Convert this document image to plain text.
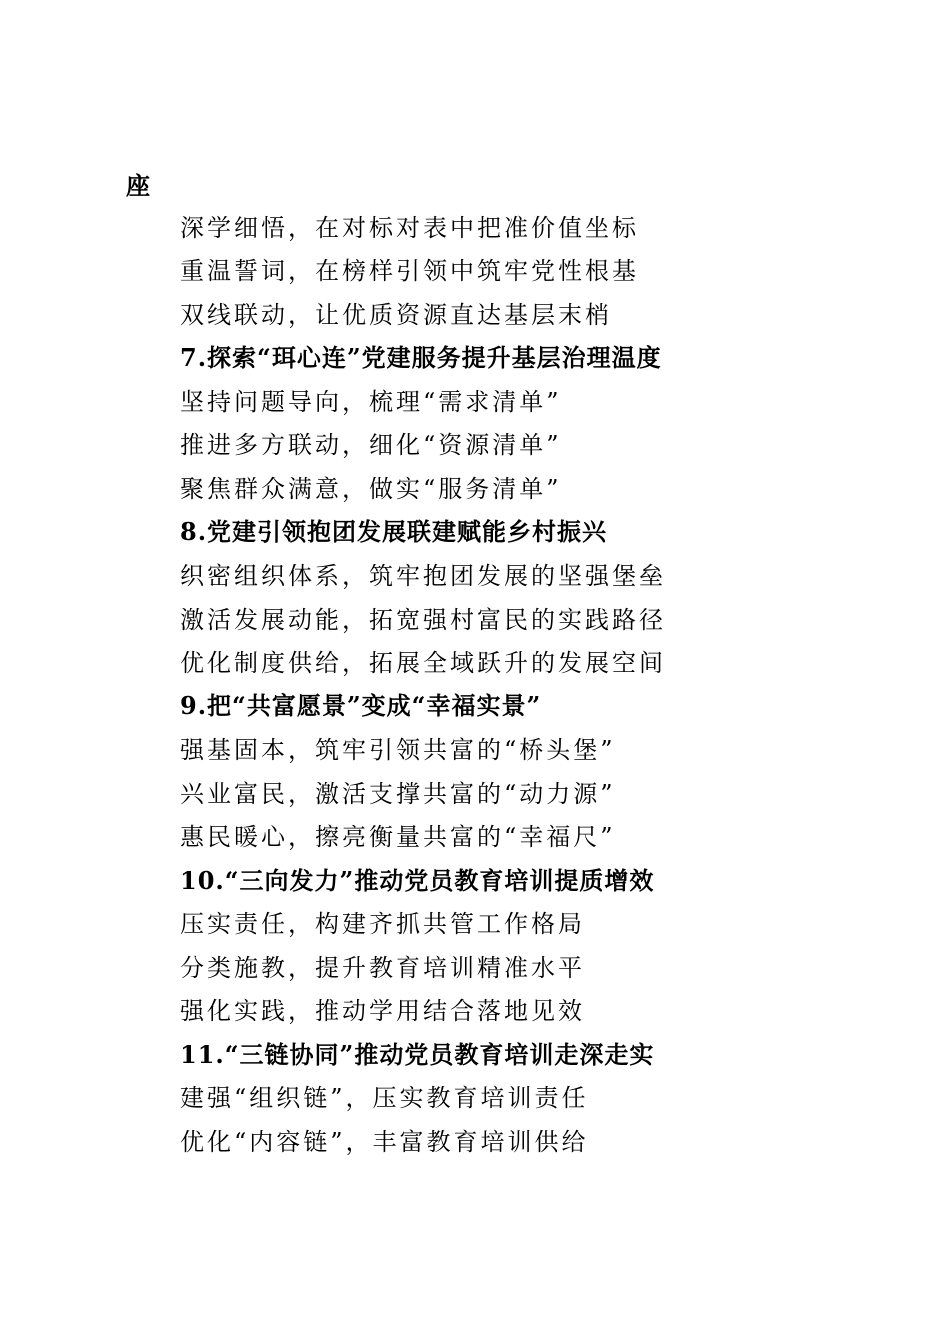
座
深学细悟，在对标对表中把准价值坐标
重温誓词，在榜样引领中筑牢党性根基
双线联动，让优质资源直达基层末梢
7.探索“珥心连”党建服务提升基层治理温度
坚持问题导向，梳理“需求清单”
推进多方联动，细化“资源清单”
聚焦群众满意，做实“服务清单”
8.党建引领抱团发展联建赋能乡村振兴
织密组织体系，筑牢抱团发展的坚强堡垒
激活发展动能，拓宽强村富民的实践路径
优化制度供给，拓展全域跃升的发展空间
9.把“共富愿景”变成“幸福实景”
强基固本，筑牢引领共富的“桥头堡”
兴业富民，激活支撑共富的“动力源”
惠民暖心，擦亮衡量共富的“幸福尺”
10.“三向发力”推动党员教育培训提质增效
压实责任，构建齐抓共管工作格局
分类施教，提升教育培训精准水平
强化实践，推动学用结合落地见效
11.“三链协同”推动党员教育培训走深走实
建强“组织链”，压实教育培训责任
优化“内容链”，丰富教育培训供给
